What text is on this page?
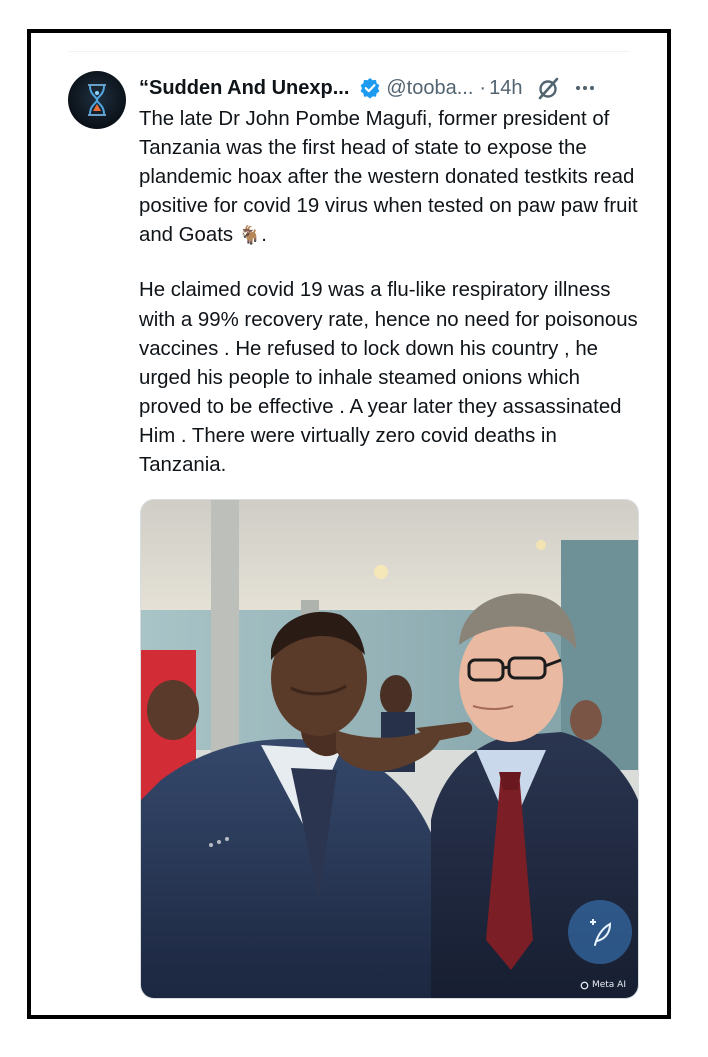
“Sudden And Unexp... @tooba... · 14h

The late Dr John Pombe Magufi, former president of Tanzania was the first head of state to expose the plandemic hoax after the western donated testkits read positive for covid 19 virus when tested on paw paw fruit and Goats 🐐.

He claimed covid 19 was a flu-like respiratory illness with a 99% recovery rate, hence no need for poisonous vaccines . He refused to lock down his country , he urged his people to inhale steamed onions which proved to be effective . A year later they assassinated Him . There were virtually zero covid deaths in Tanzania.

Meta AI
